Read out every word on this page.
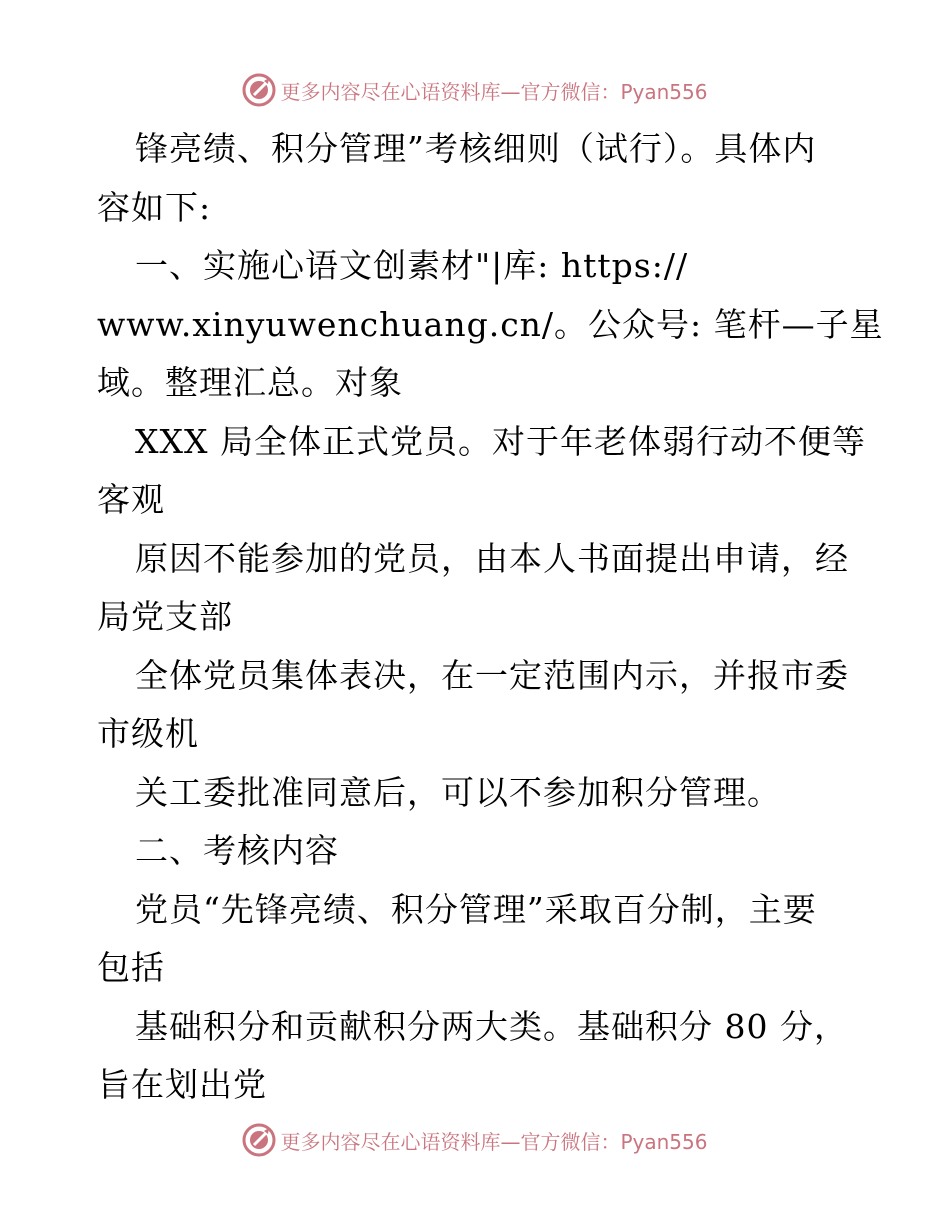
更多内容尽在心语资料库—官方微信：Pyan556
锋亮绩、积分管理”考核细则（试行）。具体内
容如下:
一、实施心语文创素材"|库: https://
www.xinyuwenchuang.cn/。公众号: 笔杆—子星
域。整理汇总。对象
XXX 局全体正式党员。对于年老体弱行动不便等
客观
原因不能参加的党员，由本人书面提出申请，经
局党支部
全体党员集体表决，在一定范围内示，并报市委
市级机
关工委批准同意后，可以不参加积分管理。
二、考核内容
党员“先锋亮绩、积分管理”采取百分制，主要
包括
基础积分和贡献积分两大类。基础积分 80 分，
旨在划出党
更多内容尽在心语资料库—官方微信：Pyan556
